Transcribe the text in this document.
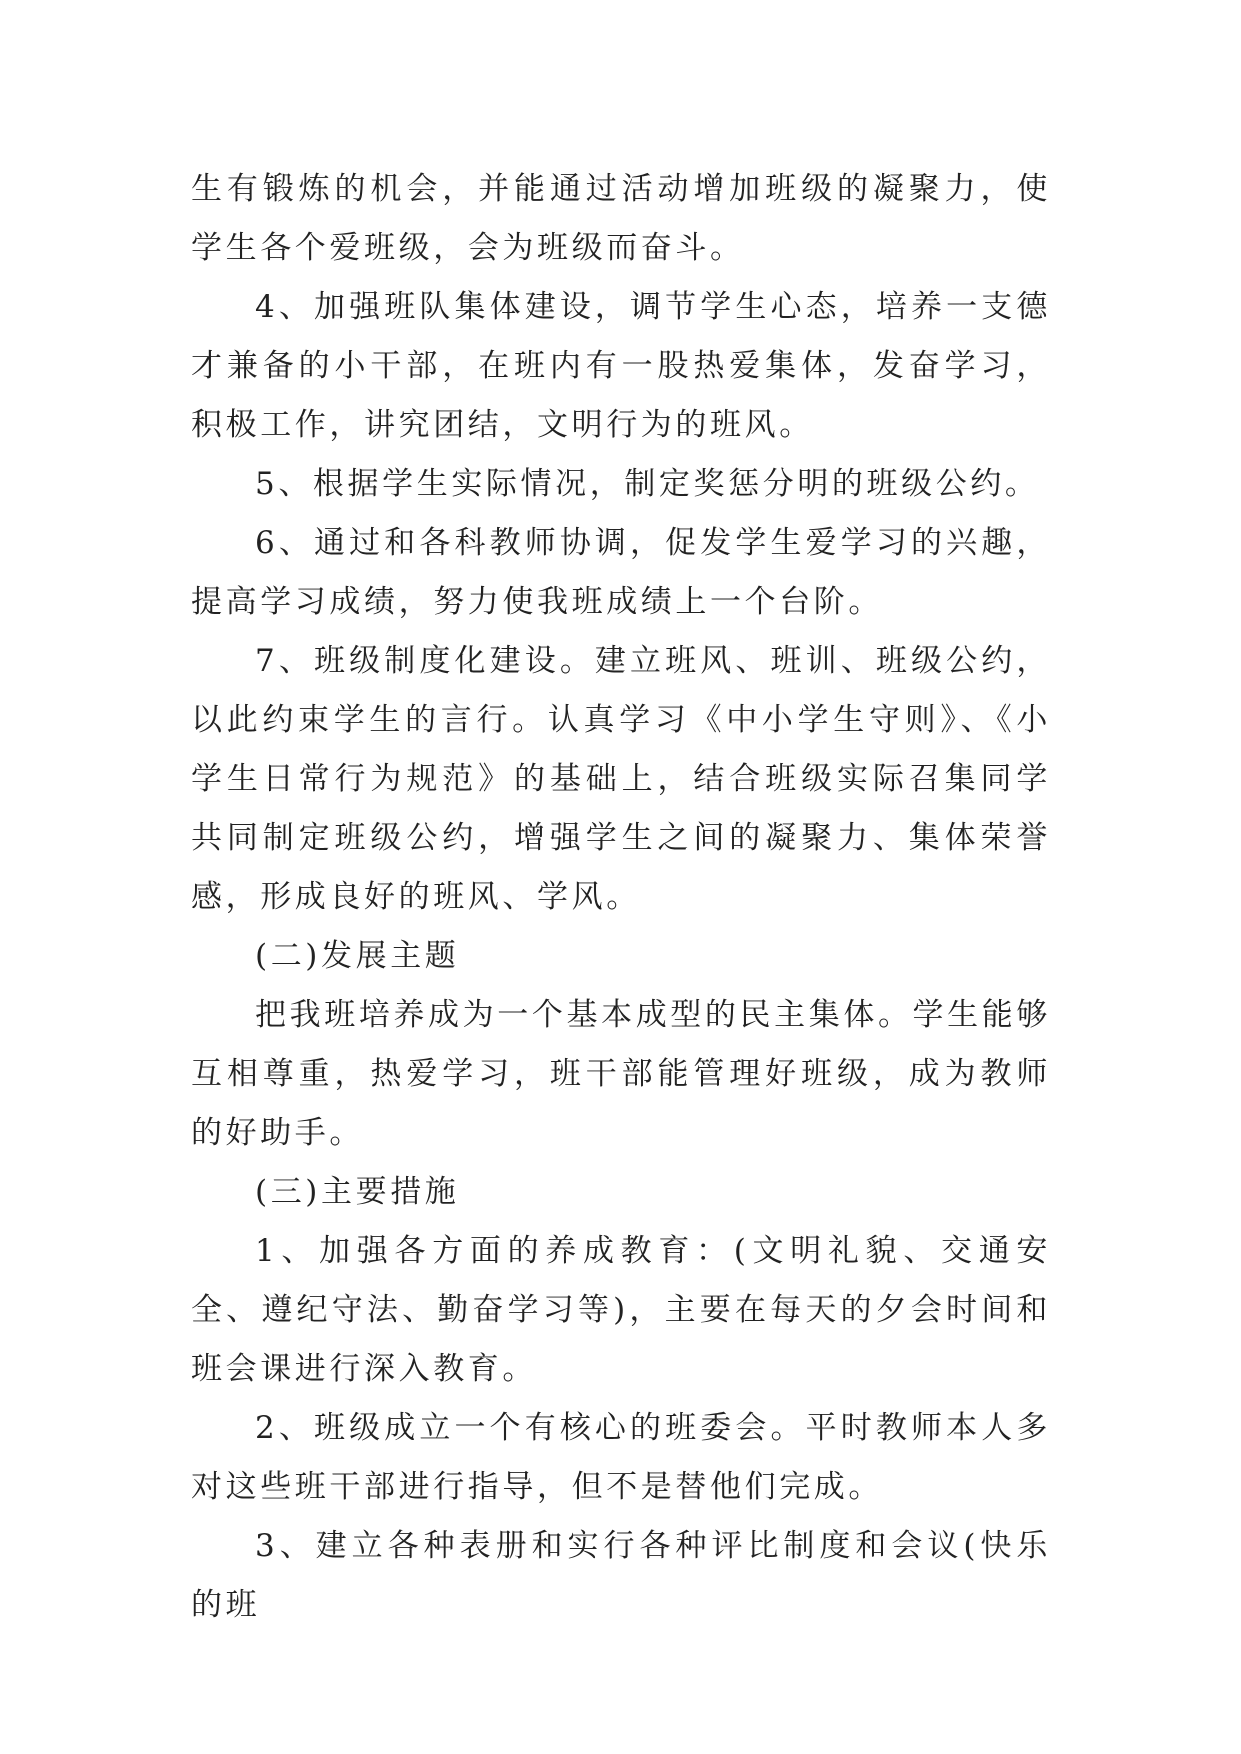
生有锻炼的机会，并能通过活动增加班级的凝聚力，使学生各个爱班级，会为班级而奋斗。

4、加强班队集体建设，调节学生心态，培养一支德才兼备的小干部，在班内有一股热爱集体，发奋学习，积极工作，讲究团结，文明行为的班风。

5、根据学生实际情况，制定奖惩分明的班级公约。

6、通过和各科教师协调，促发学生爱学习的兴趣，提高学习成绩，努力使我班成绩上一个台阶。

7、班级制度化建设。建立班风、班训、班级公约，以此约束学生的言行。认真学习《中小学生守则》、《小学生日常行为规范》的基础上，结合班级实际召集同学共同制定班级公约，增强学生之间的凝聚力、集体荣誉感，形成良好的班风、学风。

(二)发展主题

把我班培养成为一个基本成型的民主集体。学生能够互相尊重，热爱学习，班干部能管理好班级，成为教师的好助手。

(三)主要措施

1、加强各方面的养成教育：(文明礼貌、交通安全、遵纪守法、勤奋学习等)，主要在每天的夕会时间和班会课进行深入教育。

2、班级成立一个有核心的班委会。平时教师本人多对这些班干部进行指导，但不是替他们完成。

3、建立各种表册和实行各种评比制度和会议(快乐的班
